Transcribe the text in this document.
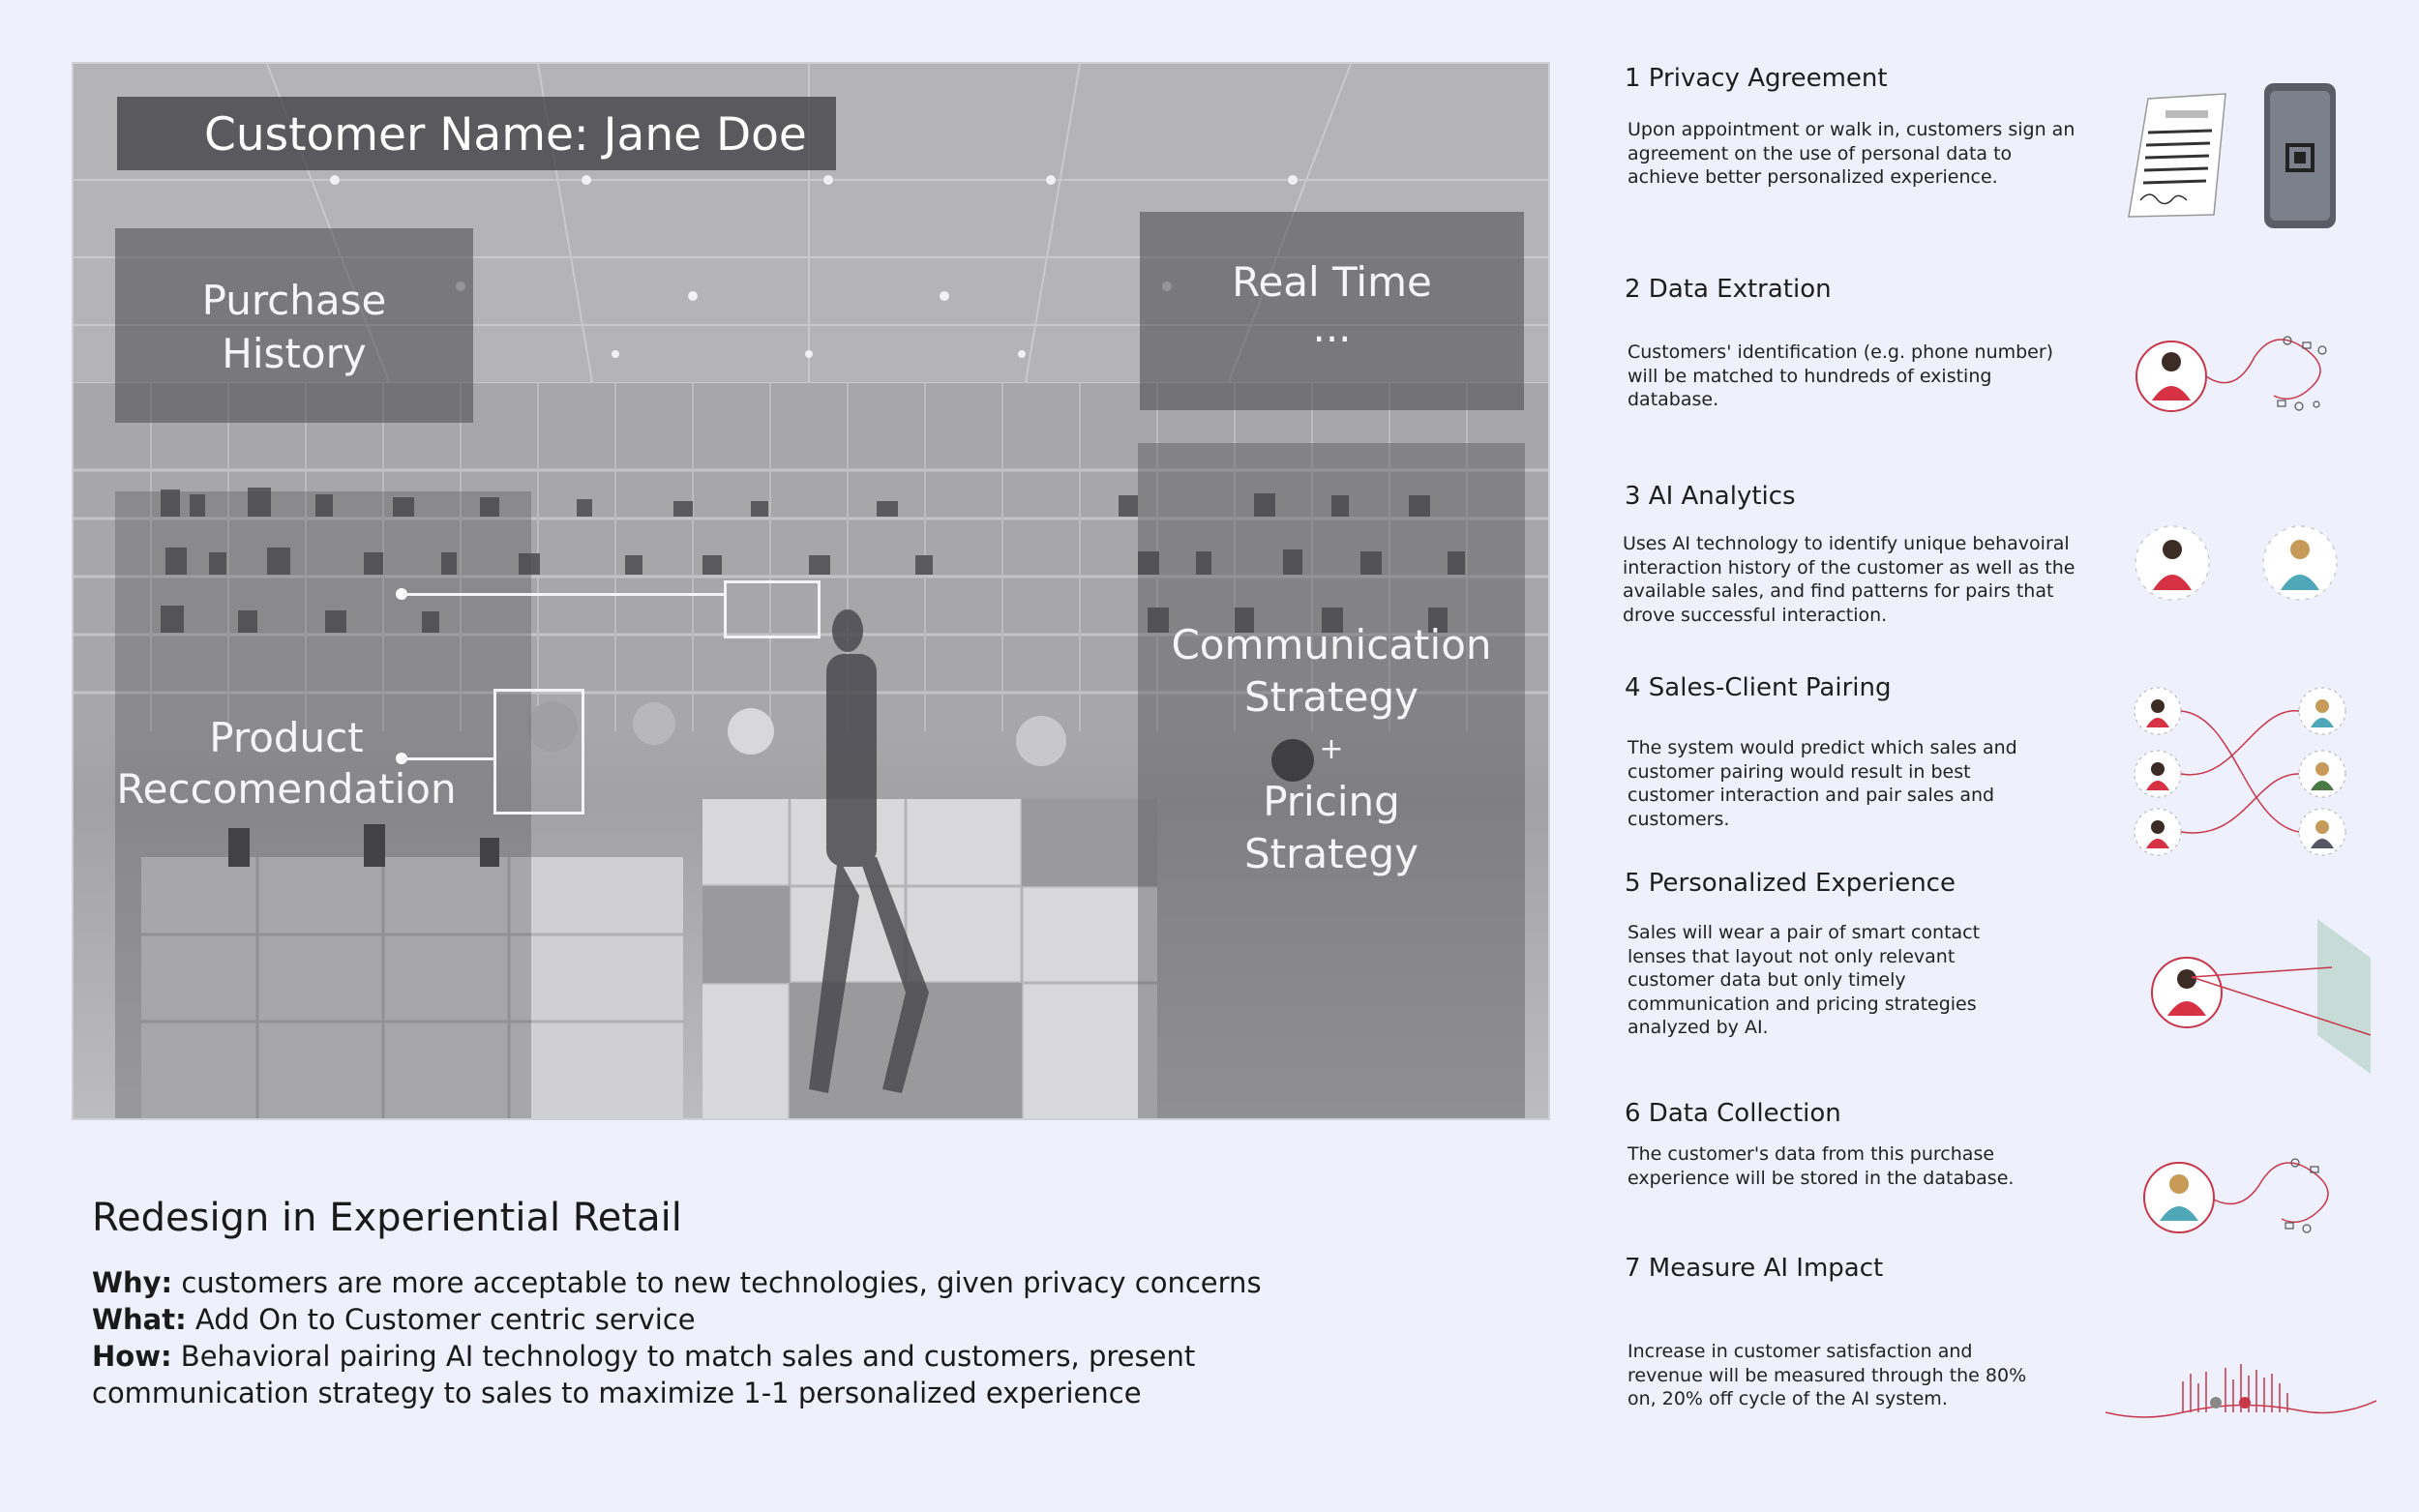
Customer Name: Jane Doe
Purchase
History
Real Time
...
Product
Reccomendation
Communication
Strategy
+
Pricing
Strategy
Redesign in Experiential Retail
Why: customers are more acceptable to new technologies, given privacy concerns
What: Add On to Customer centric service
How: Behavioral pairing AI technology to match sales and customers, present
communication strategy to sales to maximize 1-1 personalized experience
1 Privacy Agreement
Upon appointment or walk in, customers sign an agreement on the use of personal data to achieve better personalized experience.
2 Data Extration
Customers' identification (e.g. phone number) will be matched to hundreds of existing database.
3 AI Analytics
Uses AI technology to identify unique behavoiral interaction history of the customer as well as the available sales, and find patterns for pairs that drove successful interaction.
4 Sales-Client Pairing
The system would predict which sales and customer pairing would result in best customer interaction and pair sales and customers.
5 Personalized Experience
Sales will wear a pair of smart contact lenses that layout not only relevant customer data but only timely communication and pricing strategies analyzed by AI.
6 Data Collection
The customer's data from this purchase experience will be stored in the database.
7 Measure AI Impact
Increase in customer satisfaction and revenue will be measured through the 80% on, 20% off cycle of the AI system.
